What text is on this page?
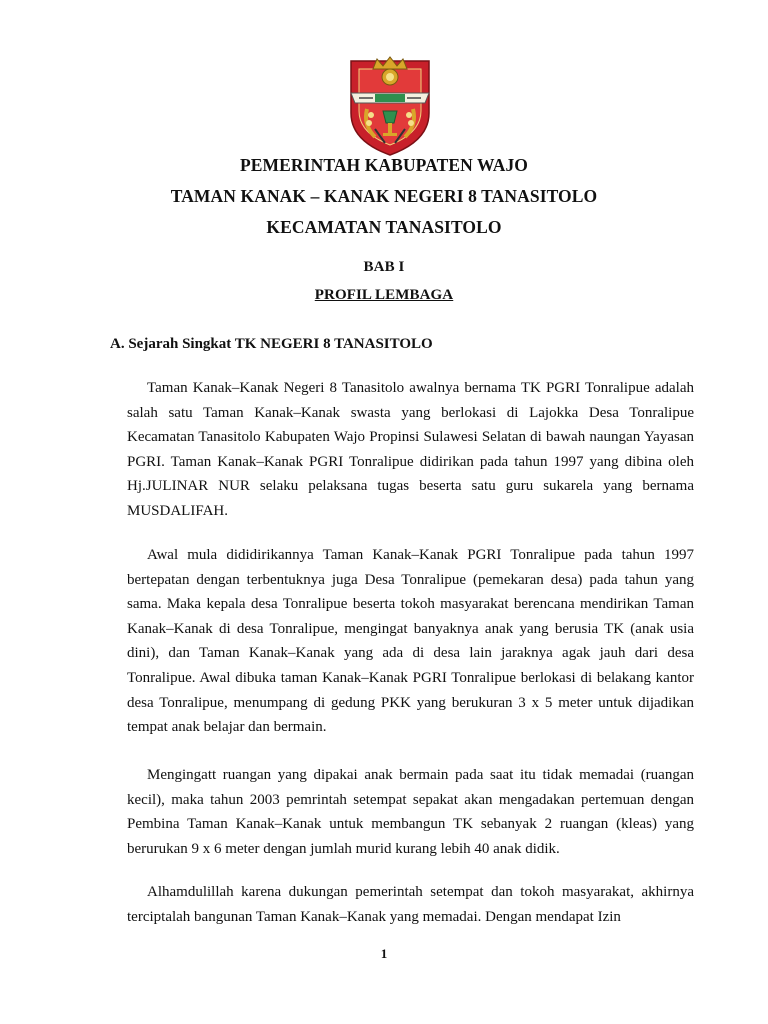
PEMERINTAH KABUPATEN WAJO
TAMAN KANAK – KANAK NEGERI 8 TANASITOLO
KECAMATAN TANASITOLO
BAB I
PROFIL LEMBAGA
A. Sejarah Singkat TK NEGERI 8 TANASITOLO

Taman Kanak–Kanak Negeri 8 Tanasitolo awalnya bernama TK PGRI Tonralipue adalah salah satu Taman Kanak–Kanak swasta yang berlokasi di Lajokka Desa Tonralipue Kecamatan Tanasitolo Kabupaten Wajo Propinsi Sulawesi Selatan di bawah naungan Yayasan PGRI. Taman Kanak–Kanak PGRI Tonralipue didirikan pada tahun 1997 yang dibina oleh Hj.JULINAR NUR selaku pelaksana tugas beserta satu guru sukarela yang bernama MUSDALIFAH.

Awal mula dididirikannya Taman Kanak–Kanak PGRI Tonralipue pada tahun 1997 bertepatan dengan terbentuknya juga Desa Tonralipue (pemekaran desa) pada tahun yang sama. Maka kepala desa Tonralipue beserta tokoh masyarakat berencana mendirikan Taman Kanak–Kanak di desa Tonralipue, mengingat banyaknya anak yang berusia TK (anak usia dini), dan Taman Kanak–Kanak yang ada di desa lain jaraknya agak jauh dari desa Tonralipue. Awal dibuka taman Kanak–Kanak PGRI Tonralipue berlokasi di belakang kantor desa Tonralipue, menumpang di gedung PKK yang berukuran 3 x 5 meter untuk dijadikan tempat anak belajar dan bermain.

Mengingatt ruangan yang dipakai anak bermain pada saat itu tidak memadai (ruangan kecil), maka tahun 2003 pemrintah setempat sepakat akan mengadakan pertemuan dengan Pembina Taman Kanak–Kanak untuk membangun TK sebanyak 2 ruangan (kleas) yang berurukan 9 x 6 meter dengan jumlah murid kurang lebih 40 anak didik.

Alhamdulillah karena dukungan pemerintah setempat dan tokoh masyarakat, akhirnya terciptalah bangunan Taman Kanak–Kanak yang memadai. Dengan mendapat Izin

1
